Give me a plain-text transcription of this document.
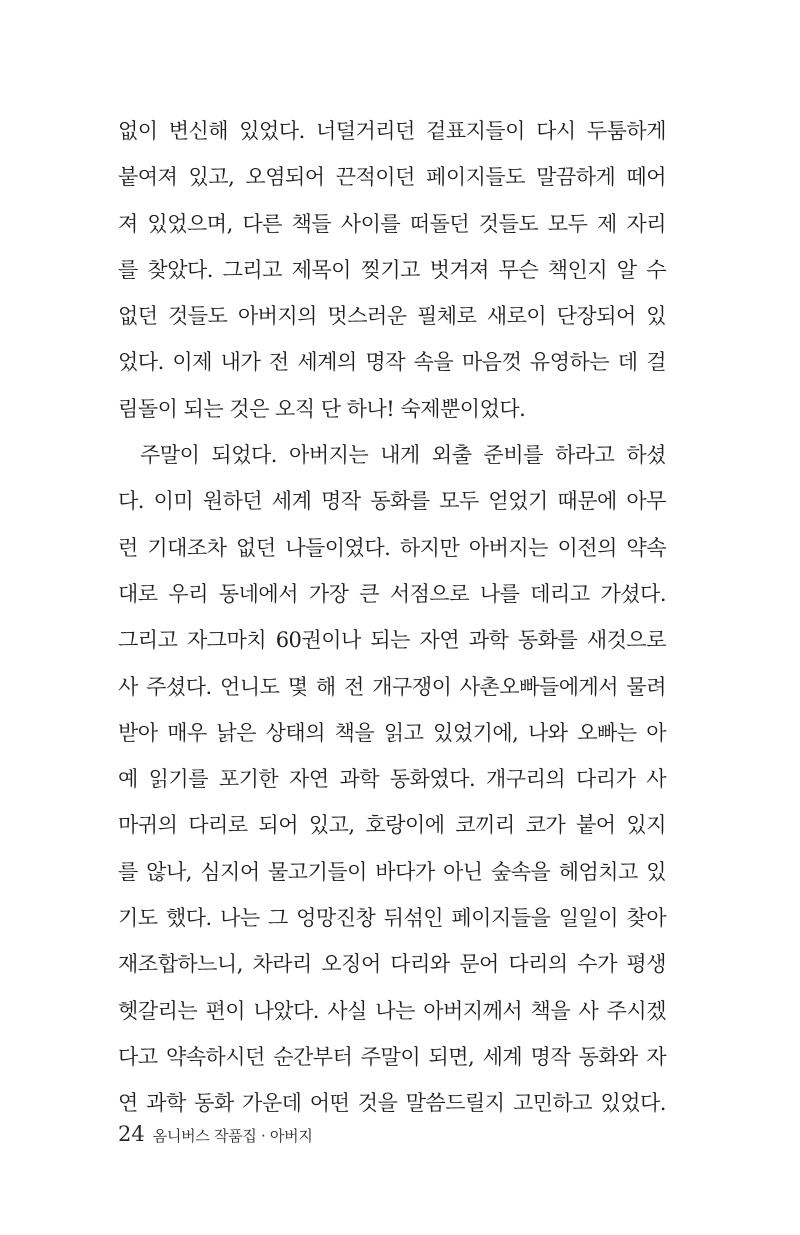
없이 변신해 있었다. 너덜거리던 겉표지들이 다시 두툼하게
붙여져 있고, 오염되어 끈적이던 페이지들도 말끔하게 떼어
져 있었으며, 다른 책들 사이를 떠돌던 것들도 모두 제 자리
를 찾았다. 그리고 제목이 찢기고 벗겨져 무슨 책인지 알 수
없던 것들도 아버지의 멋스러운 필체로 새로이 단장되어 있
었다. 이제 내가 전 세계의 명작 속을 마음껏 유영하는 데 걸
림돌이 되는 것은 오직 단 하나! 숙제뿐이었다.
주말이 되었다. 아버지는 내게 외출 준비를 하라고 하셨
다. 이미 원하던 세계 명작 동화를 모두 얻었기 때문에 아무
런 기대조차 없던 나들이였다. 하지만 아버지는 이전의 약속
대로 우리 동네에서 가장 큰 서점으로 나를 데리고 가셨다.
그리고 자그마치 60권이나 되는 자연 과학 동화를 새것으로
사 주셨다. 언니도 몇 해 전 개구쟁이 사촌오빠들에게서 물려
받아 매우 낡은 상태의 책을 읽고 있었기에, 나와 오빠는 아
예 읽기를 포기한 자연 과학 동화였다. 개구리의 다리가 사
마귀의 다리로 되어 있고, 호랑이에 코끼리 코가 붙어 있지
를 않나, 심지어 물고기들이 바다가 아닌 숲속을 헤엄치고 있
기도 했다. 나는 그 엉망진창 뒤섞인 페이지들을 일일이 찾아
재조합하느니, 차라리 오징어 다리와 문어 다리의 수가 평생
헷갈리는 편이 나았다. 사실 나는 아버지께서 책을 사 주시겠
다고 약속하시던 순간부터 주말이 되면, 세계 명작 동화와 자
연 과학 동화 가운데 어떤 것을 말씀드릴지 고민하고 있었다.
24 옴니버스 작품집 · 아버지
